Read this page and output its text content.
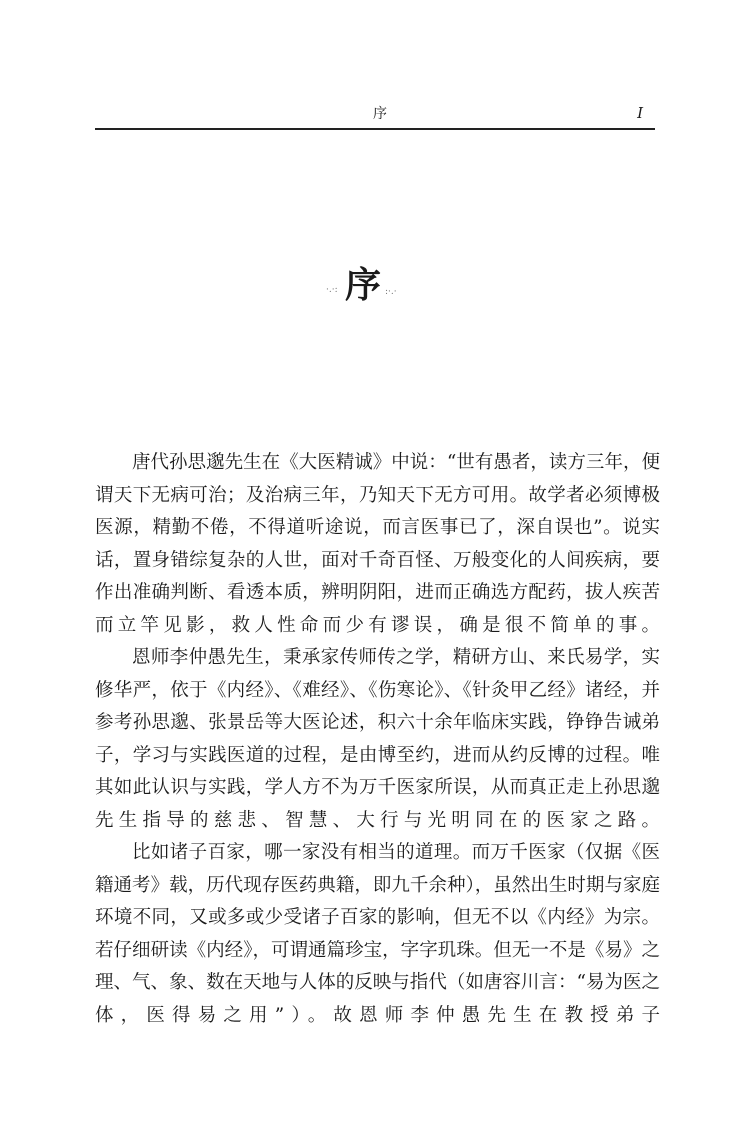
序	I
序
·.·:	:·.·

唐代孙思邈先生在《大医精诚》中说：“世有愚者，读方三年，便谓天下无病可治；及治病三年，乃知天下无方可用。故学者必须博极医源，精勤不倦，不得道听途说，而言医事已了，深自误也”。说实话，置身错综复杂的人世，面对千奇百怪、万般变化的人间疾病，要作出准确判断、看透本质，辨明阴阳，进而正确选方配药，拔人疾苦而立竿见影，救人性命而少有谬误，确是很不简单的事。

恩师李仲愚先生，秉承家传师传之学，精研方山、来氏易学，实修华严，依于《内经》、《难经》、《伤寒论》、《针灸甲乙经》诸经，并参考孙思邈、张景岳等大医论述，积六十余年临床实践，铮铮告诫弟子，学习与实践医道的过程，是由博至约，进而从约反博的过程。唯其如此认识与实践，学人方不为万千医家所误，从而真正走上孙思邈先生指导的慈悲、智慧、大行与光明同在的医家之路。

比如诸子百家，哪一家没有相当的道理。而万千医家（仅据《医籍通考》载，历代现存医药典籍，即九千余种），虽然出生时期与家庭环境不同，又或多或少受诸子百家的影响，但无不以《内经》为宗。若仔细研读《内经》，可谓通篇珍宝，字字玑珠。但无一不是《易》之理、气、象、数在天地与人体的反映与指代（如唐容川言：“易为医之体，医得易之用”）。故恩师李仲愚先生在教授弟子
